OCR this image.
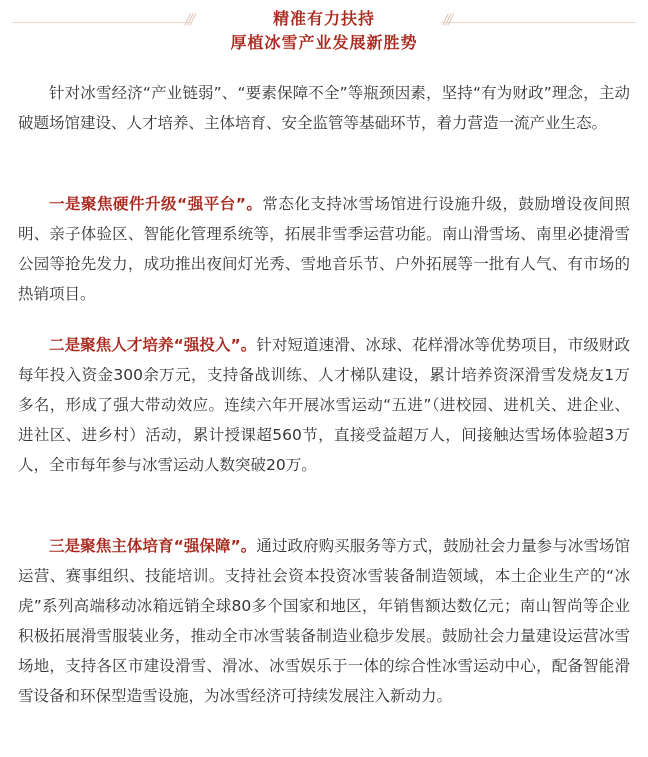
///	///
精准有力扶持
厚植冰雪产业发展新胜势

针对冰雪经济“产业链弱”、“要素保障不全”等瓶颈因素，坚持“有为财政”理念，主动破题场馆建设、人才培养、主体培育、安全监管等基础环节，着力营造一流产业生态。

一是聚焦硬件升级“强平台”。常态化支持冰雪场馆进行设施升级，鼓励增设夜间照明、亲子体验区、智能化管理系统等，拓展非雪季运营功能。南山滑雪场、南里必捷滑雪公园等抢先发力，成功推出夜间灯光秀、雪地音乐节、户外拓展等一批有人气、有市场的热销项目。

二是聚焦人才培养“强投入”。针对短道速滑、冰球、花样滑冰等优势项目，市级财政每年投入资金300余万元，支持备战训练、人才梯队建设，累计培养资深滑雪发烧友1万多名，形成了强大带动效应。连续六年开展冰雪运动“五进”（进校园、进机关、进企业、进社区、进乡村）活动，累计授课超560节，直接受益超万人，间接触达雪场体验超3万人，全市每年参与冰雪运动人数突破20万。

三是聚焦主体培育“强保障”。通过政府购买服务等方式，鼓励社会力量参与冰雪场馆运营、赛事组织、技能培训。支持社会资本投资冰雪装备制造领域，本土企业生产的“冰虎”系列高端移动冰箱远销全球80多个国家和地区，年销售额达数亿元；南山智尚等企业积极拓展滑雪服装业务，推动全市冰雪装备制造业稳步发展。鼓励社会力量建设运营冰雪场地，支持各区市建设滑雪、滑冰、冰雪娱乐于一体的综合性冰雪运动中心，配备智能滑雪设备和环保型造雪设施，为冰雪经济可持续发展注入新动力。
